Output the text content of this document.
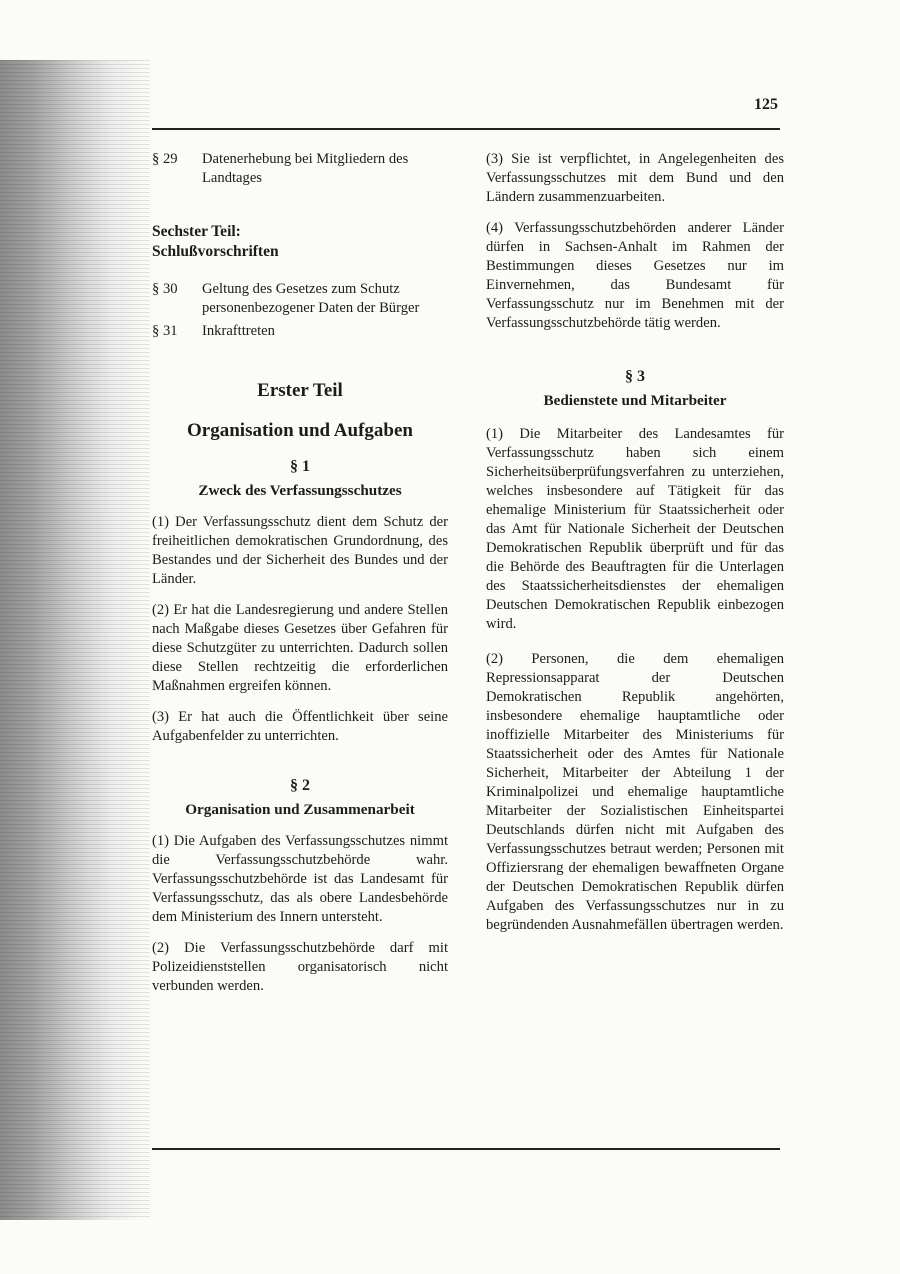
125
§ 29	Datenerhebung bei Mitgliedern des Landtages
Sechster Teil:
Schlußvorschriften
§ 30	Geltung des Gesetzes zum Schutz personenbezogener Daten der Bürger
§ 31	Inkrafttreten
Erster Teil
Organisation und Aufgaben
§ 1
Zweck des Verfassungsschutzes

(1) Der Verfassungsschutz dient dem Schutz der freiheitlichen demokratischen Grundordnung, des Bestandes und der Sicherheit des Bundes und der Länder.

(2) Er hat die Landesregierung und andere Stellen nach Maßgabe dieses Gesetzes über Gefahren für diese Schutzgüter zu unterrichten. Dadurch sollen diese Stellen rechtzeitig die erforderlichen Maßnahmen ergreifen können.

(3) Er hat auch die Öffentlichkeit über seine Aufgabenfelder zu unterrichten.

§ 2
Organisation und Zusammenarbeit

(1) Die Aufgaben des Verfassungsschutzes nimmt die Verfassungsschutzbehörde wahr. Verfassungsschutzbehörde ist das Landesamt für Verfassungsschutz, das als obere Landesbehörde dem Ministerium des Innern untersteht.

(2) Die Verfassungsschutzbehörde darf mit Polizeidienststellen organisatorisch nicht verbunden werden.

(3) Sie ist verpflichtet, in Angelegenheiten des Verfassungsschutzes mit dem Bund und den Ländern zusammenzuarbeiten.

(4) Verfassungsschutzbehörden anderer Länder dürfen in Sachsen-Anhalt im Rahmen der Bestimmungen dieses Gesetzes nur im Einvernehmen, das Bundesamt für Verfassungsschutz nur im Benehmen mit der Verfassungsschutzbehörde tätig werden.

§ 3
Bedienstete und Mitarbeiter

(1) Die Mitarbeiter des Landesamtes für Verfassungsschutz haben sich einem Sicherheitsüberprüfungsverfahren zu unterziehen, welches insbesondere auf Tätigkeit für das ehemalige Ministerium für Staatssicherheit oder das Amt für Nationale Sicherheit der Deutschen Demokratischen Republik überprüft und für das die Behörde des Beauftragten für die Unterlagen des Staatssicherheitsdienstes der ehemaligen Deutschen Demokratischen Republik einbezogen wird.

(2) Personen, die dem ehemaligen Repressionsapparat der Deutschen Demokratischen Republik angehörten, insbesondere ehemalige hauptamtliche oder inoffizielle Mitarbeiter des Ministeriums für Staatssicherheit oder des Amtes für Nationale Sicherheit, Mitarbeiter der Abteilung 1 der Kriminalpolizei und ehemalige hauptamtliche Mitarbeiter der Sozialistischen Einheitspartei Deutschlands dürfen nicht mit Aufgaben des Verfassungsschutzes betraut werden; Personen mit Offiziersrang der ehemaligen bewaffneten Organe der Deutschen Demokratischen Republik dürfen Aufgaben des Verfassungsschutzes nur in zu begründenden Ausnahmefällen übertragen werden.
